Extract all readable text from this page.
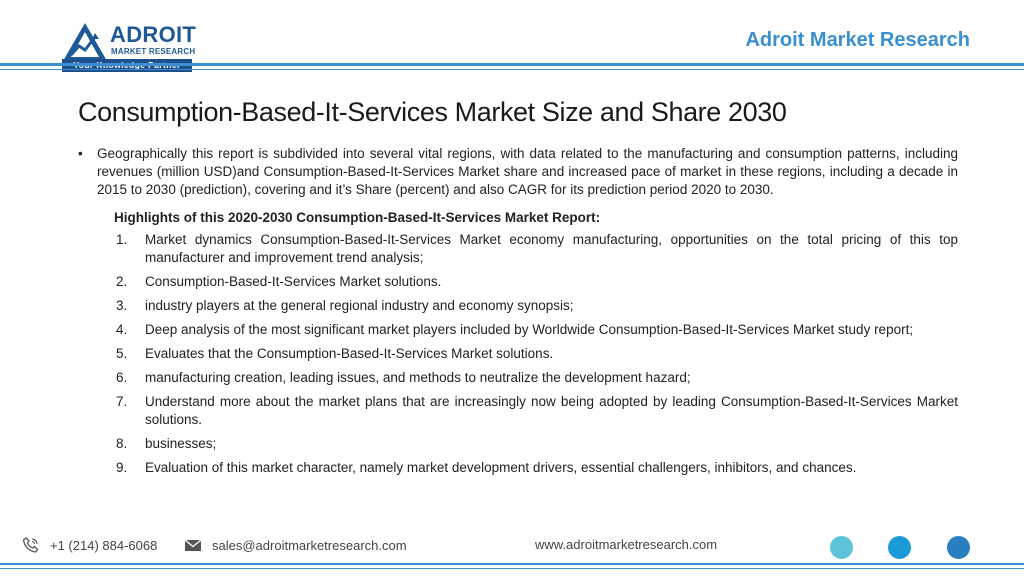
ADROIT
MARKET RESEARCH
Adroit Market Research
Consumption-Based-It-Services Market Size and Share 2030
• Geographically this report is subdivided into several vital regions, with data related to the manufacturing and consumption patterns, including revenues (million USD)and Consumption-Based-It-Services Market share and increased pace of market in these regions, including a decade in 2015 to 2030 (prediction), covering and it’s Share (percent) and also CAGR for its prediction period 2020 to 2030.
Highlights of this 2020-2030 Consumption-Based-It-Services Market Report:
1. Market dynamics Consumption-Based-It-Services Market economy manufacturing, opportunities on the total pricing of this top manufacturer and improvement trend analysis;
2. Consumption-Based-It-Services Market solutions.
3. industry players at the general regional industry and economy synopsis;
4. Deep analysis of the most significant market players included by Worldwide Consumption-Based-It-Services Market study report;
5. Evaluates that the Consumption-Based-It-Services Market solutions.
6. manufacturing creation, leading issues, and methods to neutralize the development hazard;
7. Understand more about the market plans that are increasingly now being adopted by leading Consumption-Based-It-Services Market solutions.
8. businesses;
9. Evaluation of this market character, namely market development drivers, essential challengers, inhibitors, and chances.
+1 (214) 884-6068	sales@adroitmarketresearch.com	www.adroitmarketresearch.com
